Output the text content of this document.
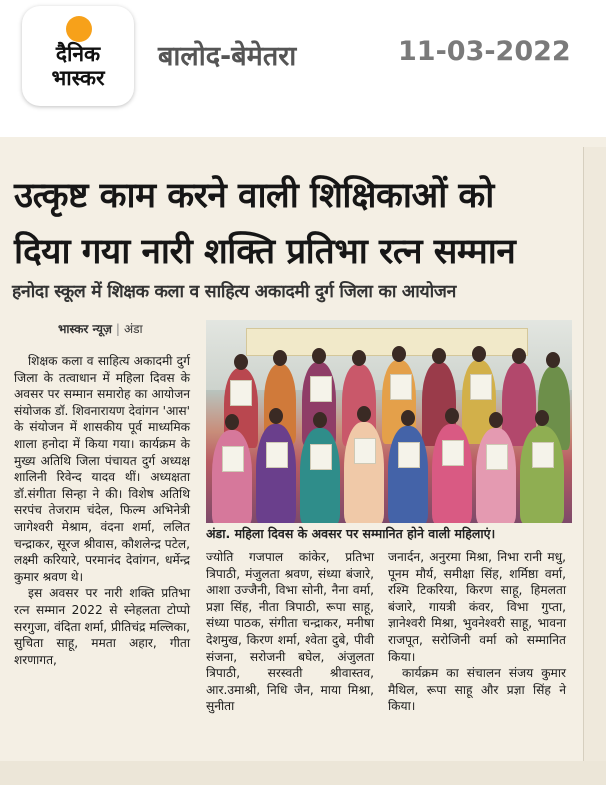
दैनिक
भास्कर
बालोद-बेमेतरा	11-03-2022
उत्कृष्ट काम करने वाली शिक्षिकाओं को
दिया गया नारी शक्ति प्रतिभा रत्न सम्मान
हनोदा स्कूल में शिक्षक कला व साहित्य अकादमी दुर्ग जिला का आयोजन
भास्कर न्यूज़ | अंडा
अंडा. महिला दिवस के अवसर पर सम्मानित होने वाली महिलाएं।

शिक्षक कला व साहित्य अकादमी दुर्ग जिला के तत्वाधान में महिला दिवस के अवसर पर सम्मान समारोह का आयोजन संयोजक डॉ. शिवनारायण देवांगन 'आस' के संयोजन में शासकीय पूर्व माध्यमिक शाला हनोदा में किया गया। कार्यक्रम के मुख्य अतिथि जिला पंचायत दुर्ग अध्यक्ष शालिनी रिवेन्द यादव थीं। अध्यक्षता डॉ.संगीता सिन्हा ने की। विशेष अतिथि सरपंच तेजराम चंदेल, फिल्म अभिनेत्री जागेश्वरी मेश्राम, वंदना शर्मा, ललित चन्द्राकर, सूरज श्रीवास, कौशलेन्द्र पटेल, लक्ष्मी करियारे, परमानंद देवांगन, धर्मेन्द्र कुमार श्रवण थे।

इस अवसर पर नारी शक्ति प्रतिभा रत्न सम्मान 2022 से स्नेहलता टोप्पो सरगुजा, वंदिता शर्मा, प्रीतिचंद्र मल्लिका, सुचिता साहू, ममता अहार, गीता शरणागत,

ज्योति गजपाल कांकेर, प्रतिभा त्रिपाठी, मंजुलता श्रवण, संध्या बंजारे, आशा उज्जैनी, विभा सोनी, नैना वर्मा, प्रज्ञा सिंह, नीता त्रिपाठी, रूपा साहू, संध्या पाठक, संगीता चन्द्राकर, मनीषा देशमुख, किरण शर्मा, श्वेता दुबे, पीवी संजना, सरोजनी बघेल, अंजुलता त्रिपाठी, सरस्वती श्रीवास्तव, आर.उमाश्री, निधि जैन, माया मिश्रा, सुनीता

जनार्दन, अनुरमा मिश्रा, निभा रानी मधु, पूनम मौर्य, समीक्षा सिंह, शर्मिष्ठा वर्मा, रश्मि टिकरिया, किरण साहू, हिमलता बंजारे, गायत्री कंवर, विभा गुप्ता, ज्ञानेश्वरी मिश्रा, भुवनेश्वरी साहू, भावना राजपूत, सरोजिनी वर्मा को सम्मानित किया।

कार्यक्रम का संचालन संजय कुमार मैथिल, रूपा साहू और प्रज्ञा सिंह ने किया।
